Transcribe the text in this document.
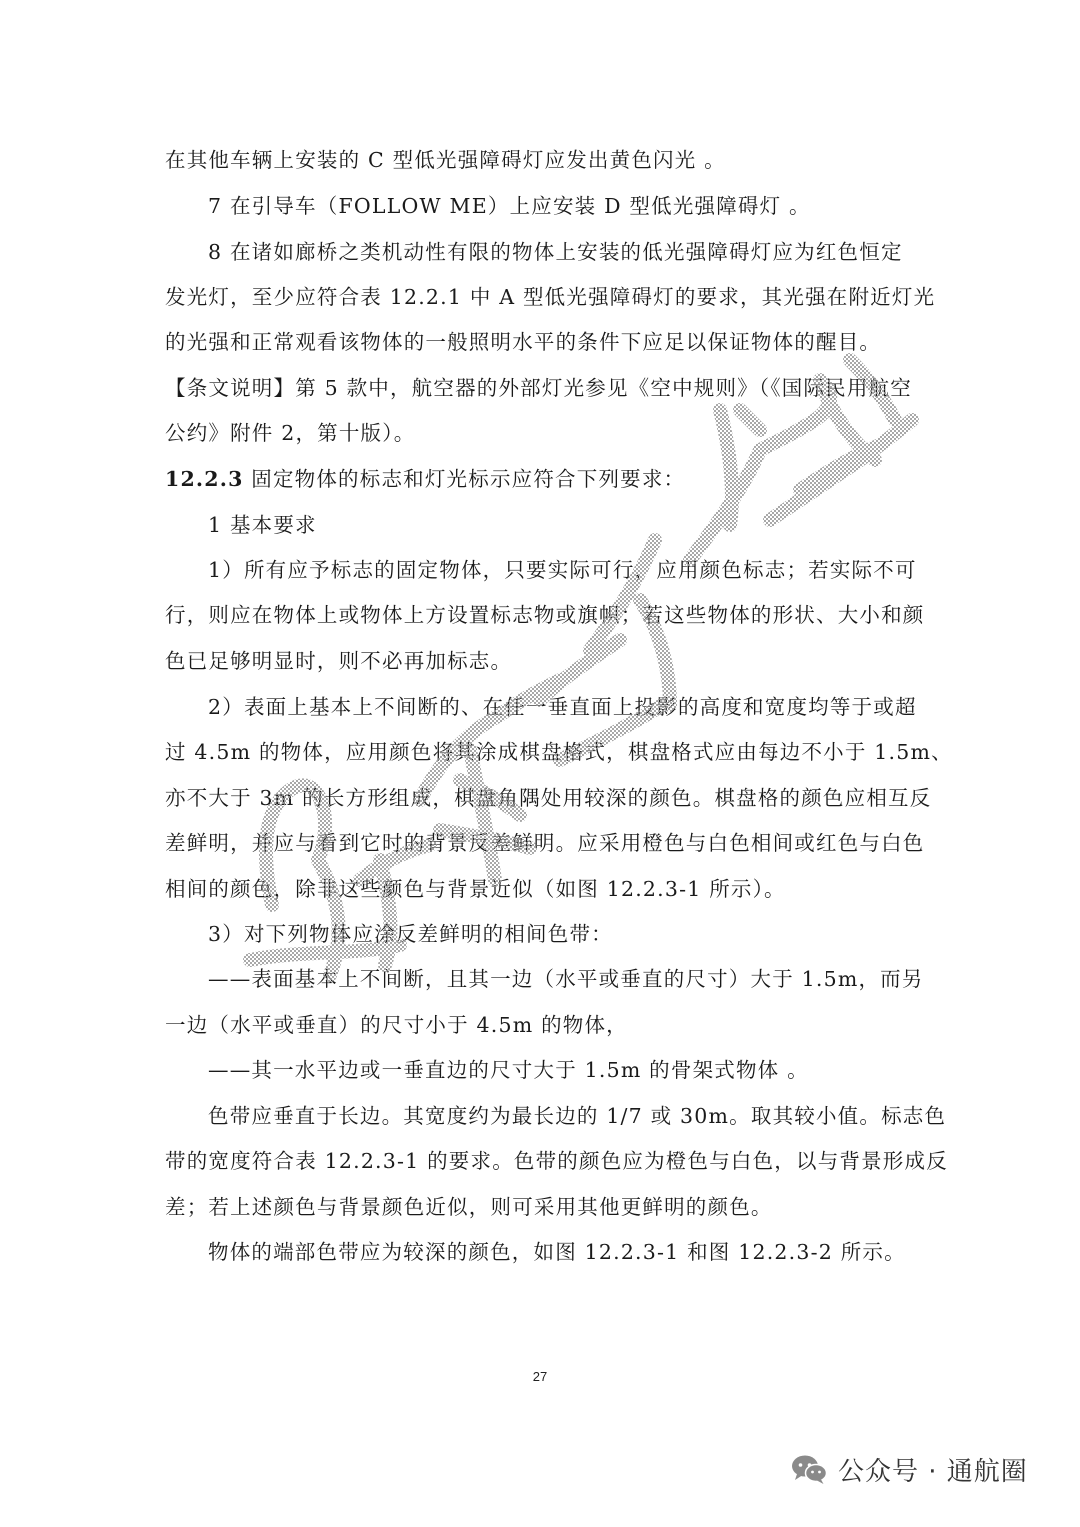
在其他车辆上安装的 C 型低光强障碍灯应发出黄色闪光 。
7 在引导车（FOLLOW ME）上应安装 D 型低光强障碍灯 。
8 在诸如廊桥之类机动性有限的物体上安装的低光强障碍灯应为红色恒定
发光灯，至少应符合表 12.2.1 中 A 型低光强障碍灯的要求，其光强在附近灯光
的光强和正常观看该物体的一般照明水平的条件下应足以保证物体的醒目。
【条文说明】第 5 款中，航空器的外部灯光参见《空中规则》（《国际民用航空
公约》附件 2，第十版）。
12.2.3 固定物体的标志和灯光标示应符合下列要求：
1 基本要求
1）所有应予标志的固定物体，只要实际可行，应用颜色标志；若实际不可
行，则应在物体上或物体上方设置标志物或旗帜；若这些物体的形状、大小和颜
色已足够明显时，则不必再加标志。
2）表面上基本上不间断的、在任一垂直面上投影的高度和宽度均等于或超
过 4.5m 的物体，应用颜色将其涂成棋盘格式，棋盘格式应由每边不小于 1.5m、
亦不大于 3m 的长方形组成，棋盘角隅处用较深的颜色。棋盘格的颜色应相互反
差鲜明，并应与看到它时的背景反差鲜明。应采用橙色与白色相间或红色与白色
相间的颜色，除非这些颜色与背景近似（如图 12.2.3-1 所示）。
3）对下列物体应涂反差鲜明的相间色带：
——表面基本上不间断，且其一边（水平或垂直的尺寸）大于 1.5m，而另
一边（水平或垂直）的尺寸小于 4.5m 的物体，
——其一水平边或一垂直边的尺寸大于 1.5m 的骨架式物体 。
色带应垂直于长边。其宽度约为最长边的 1/7 或 30m。取其较小值。标志色
带的宽度符合表 12.2.3-1 的要求。色带的颜色应为橙色与白色，以与背景形成反
差；若上述颜色与背景颜色近似，则可采用其他更鲜明的颜色。
物体的端部色带应为较深的颜色，如图 12.2.3-1 和图 12.2.3-2 所示。
27
公众号 · 通航圈
